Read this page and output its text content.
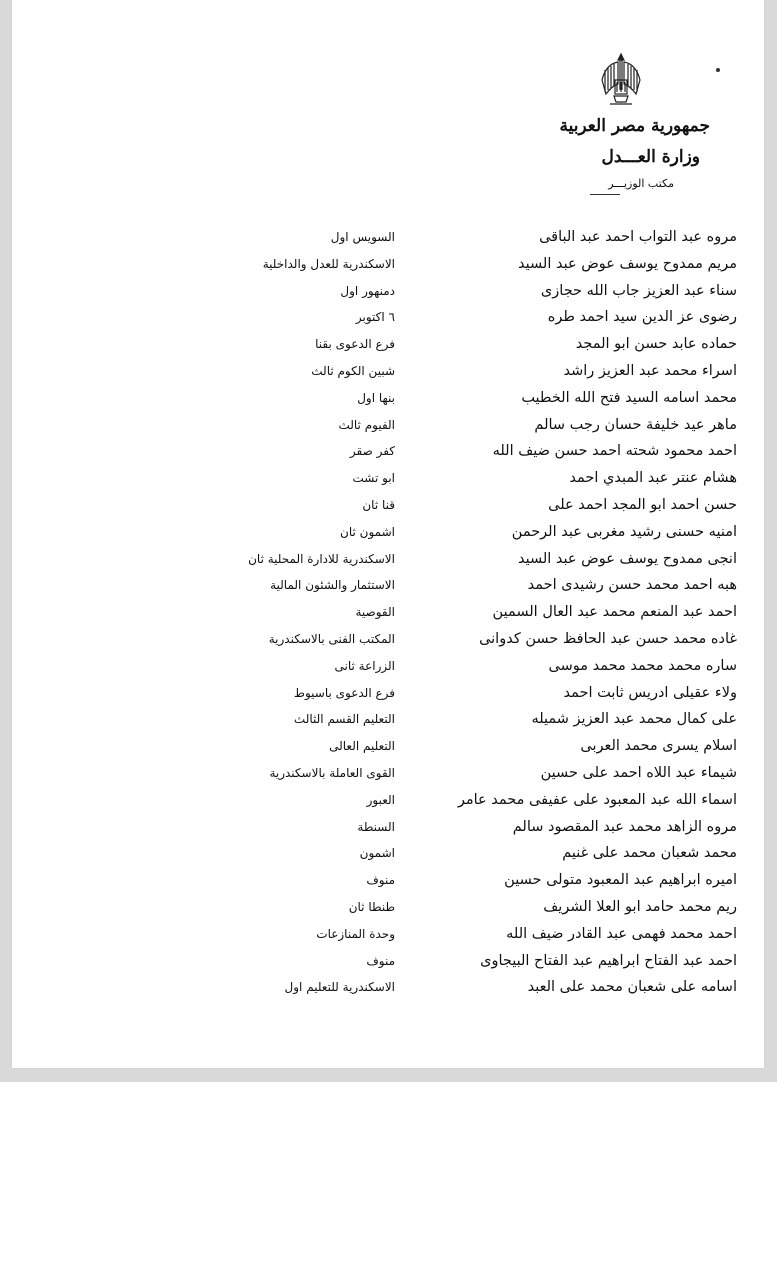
جمهورية مصر العربية
وزارة العـــدل
مكتب الوزيـــر
مروه عبد التواب احمد عبد الباقى
السويس اول
مريم ممدوح يوسف عوض عبد السيد
الاسكندرية للعدل والداخلية
سناء عبد العزيز جاب الله حجازى
دمنهور اول
رضوى عز الدين سيد احمد طره
٦ اكتوبر
حماده عابد حسن ابو المجد
فرع الدعوى بقنا
اسراء محمد عبد العزيز راشد
شبين الكوم ثالث
محمد اسامه السيد فتح الله الخطيب
بنها اول
ماهر عيد خليفة حسان رجب سالم
الفيوم ثالث
احمد محمود شحته احمد حسن ضيف الله
كفر صقر
هشام عنتر عبد المبدي احمد
ابو تشت
حسن احمد ابو المجد احمد على
قنا ثان
امنيه حسنى رشيد مغربى عبد الرحمن
اشمون ثان
انجى ممدوح يوسف عوض عبد السيد
الاسكندرية للادارة المحلية ثان
هبه احمد محمد حسن رشيدى احمد
الاستثمار والشئون المالية
احمد عبد المنعم محمد عبد العال السمين
القوصية
غاده محمد حسن عبد الحافظ حسن كدوانى
المكتب الفنى بالاسكندرية
ساره محمد محمد محمد موسى
الزراعة ثانى
ولاء عقيلى ادريس ثابت احمد
فرع الدعوى باسيوط
على كمال محمد عبد العزيز شميله
التعليم القسم الثالث
اسلام يسرى محمد العربى
التعليم العالى
شيماء عبد اللاه احمد على حسين
القوى العاملة بالاسكندرية
اسماء الله عبد المعبود على عفيفى محمد عامر
العبور
مروه الزاهد محمد عبد المقصود سالم
السنطة
محمد شعبان محمد على غنيم
اشمون
اميره ابراهيم عبد المعبود متولى حسين
منوف
ريم محمد حامد ابو العلا الشريف
طنطا ثان
احمد محمد فهمى عبد القادر ضيف الله
وحدة المنازعات
احمد عبد الفتاح ابراهيم عبد الفتاح البيجاوى
منوف
اسامه على شعبان محمد على العبد
الاسكندرية للتعليم اول
